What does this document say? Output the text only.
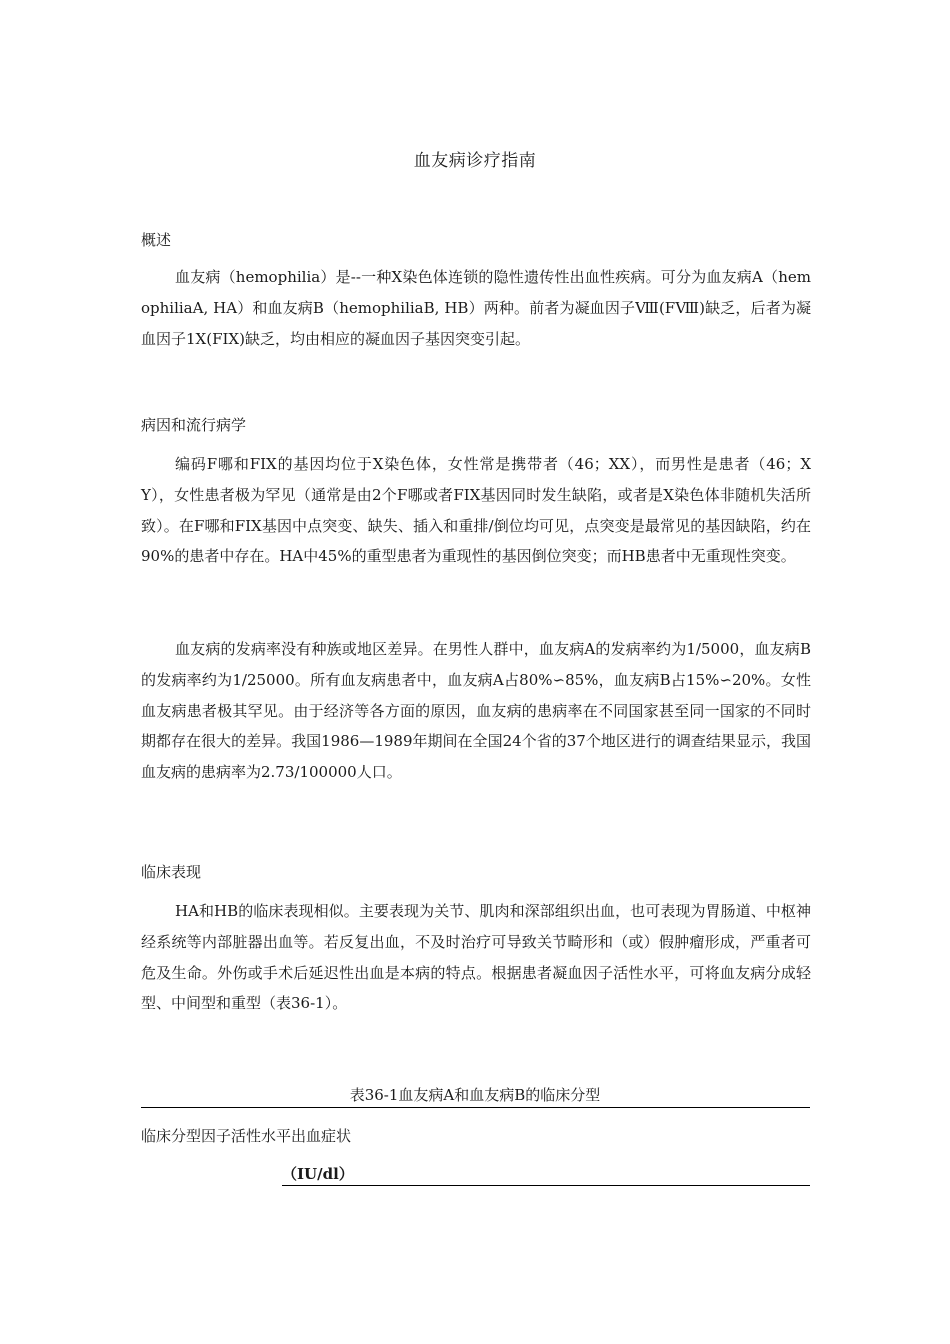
血友病诊疗指南
概述
血友病（hemophilia）是--一种X染色体连锁的隐性遗传性出血性疾病。可分为血友病A（hemophiliaA, HA）和血友病B（hemophiliaB, HB）两种。前者为凝血因子Ⅷ(FⅧ)缺乏，后者为凝血因子1X(FIX)缺乏，均由相应的凝血因子基因突变引起。
病因和流行病学
编码F哪和FIX的基因均位于X染色体，女性常是携带者（46；XX），而男性是患者（46；XY），女性患者极为罕见（通常是由2个F哪或者FIX基因同时发生缺陷，或者是X染色体非随机失活所致）。在F哪和FIX基因中点突变、缺失、插入和重排/倒位均可见，点突变是最常见的基因缺陷，约在90%的患者中存在。HA中45%的重型患者为重现性的基因倒位突变；而HB患者中无重现性突变。
血友病的发病率没有种族或地区差异。在男性人群中，血友病A的发病率约为1/5000，血友病B的发病率约为1/25000。所有血友病患者中，血友病A占80%∽85%，血友病B占15%∽20%。女性血友病患者极其罕见。由于经济等各方面的原因，血友病的患病率在不同国家甚至同一国家的不同时期都存在很大的差异。我国1986—1989年期间在全国24个省的37个地区进行的调查结果显示，我国血友病的患病率为2.73/100000人口。
临床表现
HA和HB的临床表现相似。主要表现为关节、肌肉和深部组织出血，也可表现为胃肠道、中枢神经系统等内部脏器出血等。若反复出血，不及时治疗可导致关节畸形和（或）假肿瘤形成，严重者可危及生命。外伤或手术后延迟性出血是本病的特点。根据患者凝血因子活性水平，可将血友病分成轻型、中间型和重型（表36-1）。
表36-1血友病A和血友病B的临床分型
临床分型因子活性水平出血症状
（IU/dl）
